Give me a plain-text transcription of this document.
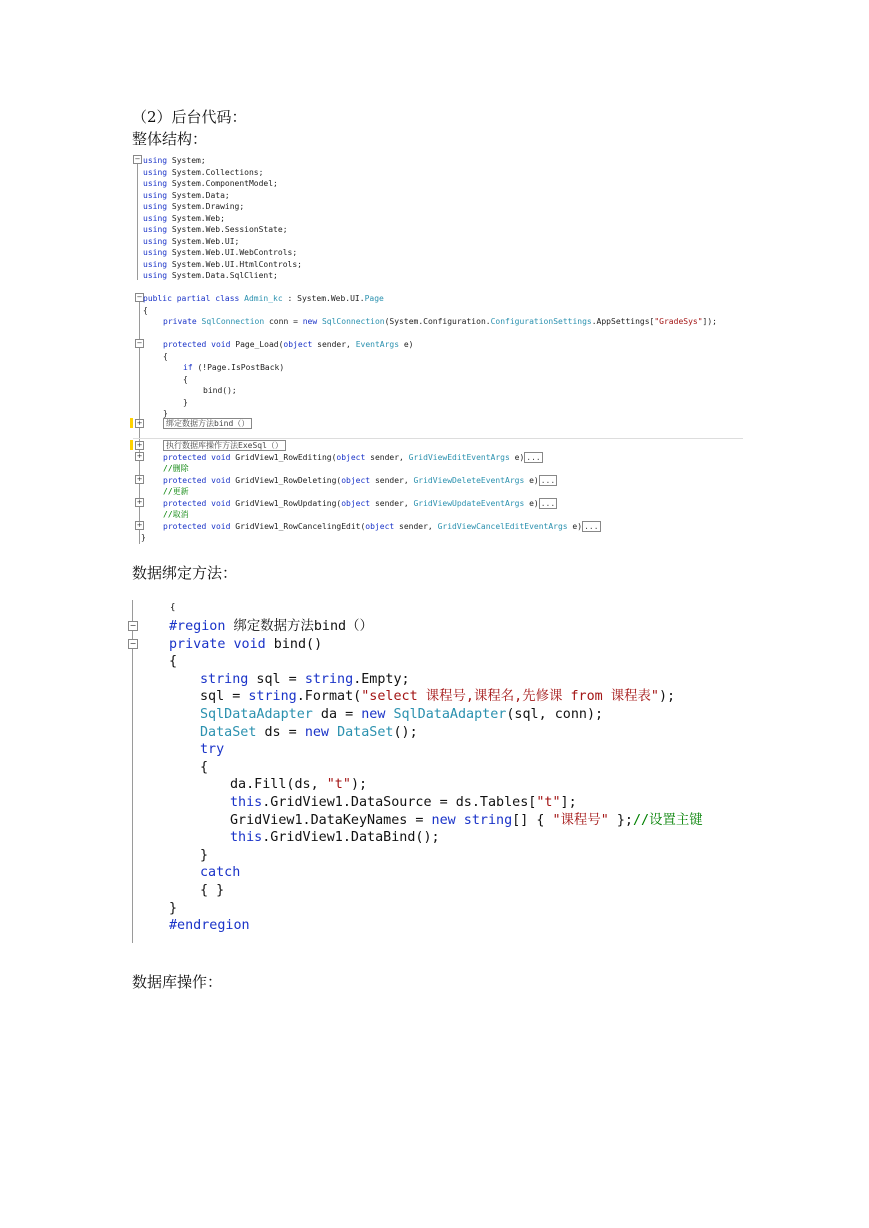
（2）后台代码：
整体结构：
数据绑定方法：
数据库操作：

−

using System;

using System.Collections;

using System.ComponentModel;

using System.Data;

using System.Drawing;

using System.Web;

using System.Web.SessionState;

using System.Web.UI;

using System.Web.UI.WebControls;

using System.Web.UI.HtmlControls;

using System.Data.SqlClient;

−

public partial class Admin_kc : System.Web.UI.Page

{

private SqlConnection conn = new SqlConnection(System.Configuration.ConfigurationSettings.AppSettings["GradeSys"]);

−

	protected void Page_Load(object sender, EventArgs e)

{

if (!Page.IsPostBack)

{

bind();

}

}

+

	绑定数据方法bind（）

+

	执行数据库操作方法ExeSql（）

+

	protected void GridView1_RowEditing(object sender, GridViewEditEventArgs e) ...

//删除

+

	protected void GridView1_RowDeleting(object sender, GridViewDeleteEventArgs e) ...

//更新

+

	protected void GridView1_RowUpdating(object sender, GridViewUpdateEventArgs e) ...

//取消

+

	protected void GridView1_RowCancelingEdit(object sender, GridViewCancelEditEventArgs e) ...

}

{

−

#region 绑定数据方法bind（）

−

private void bind()

{

string sql = string.Empty;

sql = string.Format("select 课程号,课程名,先修课 from 课程表");

SqlDataAdapter da = new SqlDataAdapter(sql, conn);

DataSet ds = new DataSet();

try

{

da.Fill(ds, "t");

this.GridView1.DataSource = ds.Tables["t"];

GridView1.DataKeyNames = new string[] { "课程号" };//设置主键

this.GridView1.DataBind();

}

catch

{ }

}

#endregion
